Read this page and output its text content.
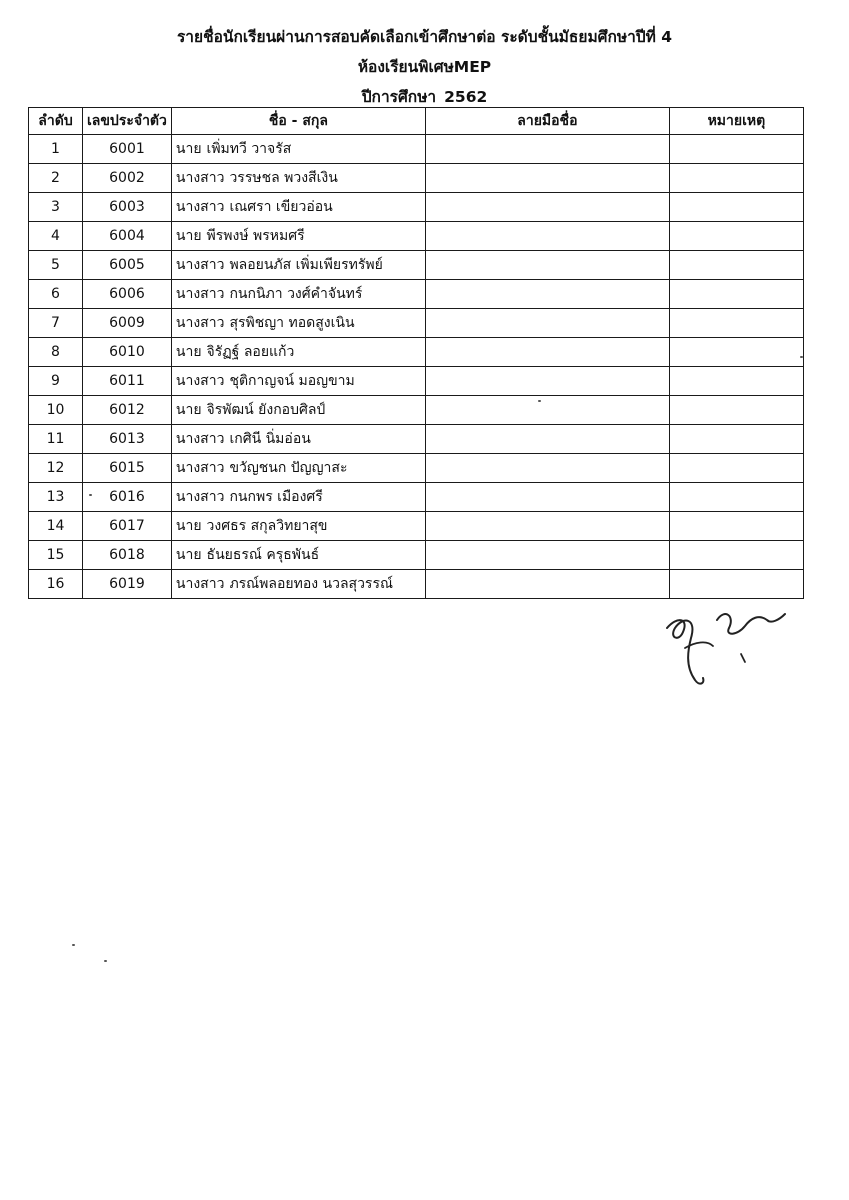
รายชื่อนักเรียนผ่านการสอบคัดเลือกเข้าศึกษาต่อ ระดับชั้นมัธยมศึกษาปีที่ 4
ห้องเรียนพิเศษMEP
ปีการศึกษา 2562
ลำดับ	เลขประจำตัว	ชื่อ - สกุล	ลายมือชื่อ	หมายเหตุ
1	6001	นาย เพิ่มทวี วาจรัส		
2	6002	นางสาว วรรษชล พวงสีเงิน		
3	6003	นางสาว เณศรา เขียวอ่อน		
4	6004	นาย พีรพงษ์ พรหมศรี		
5	6005	นางสาว พลอยนภัส เพิ่มเพียรทรัพย์		
6	6006	นางสาว กนกนิภา วงศ์คำจันทร์		
7	6009	นางสาว สุรพิชญา ทอดสูงเนิน		
8	6010	นาย จิรัฏฐ์ ลอยแก้ว		
9	6011	นางสาว ชุติกาญจน์ มอญขาม		
10	6012	นาย จิรพัฒน์ ยังกอบศิลป์		
11	6013	นางสาว เกศินี นิ่มอ่อน		
12	6015	นางสาว ขวัญชนก ปัญญาสะ		
13	6016	นางสาว กนกพร เมืองศรี		
14	6017	นาย วงศธร สกุลวิทยาสุข		
15	6018	นาย ธันยธรณ์ ครุธพันธ์		
16	6019	นางสาว ภรณ์พลอยทอง นวลสุวรรณ์		
